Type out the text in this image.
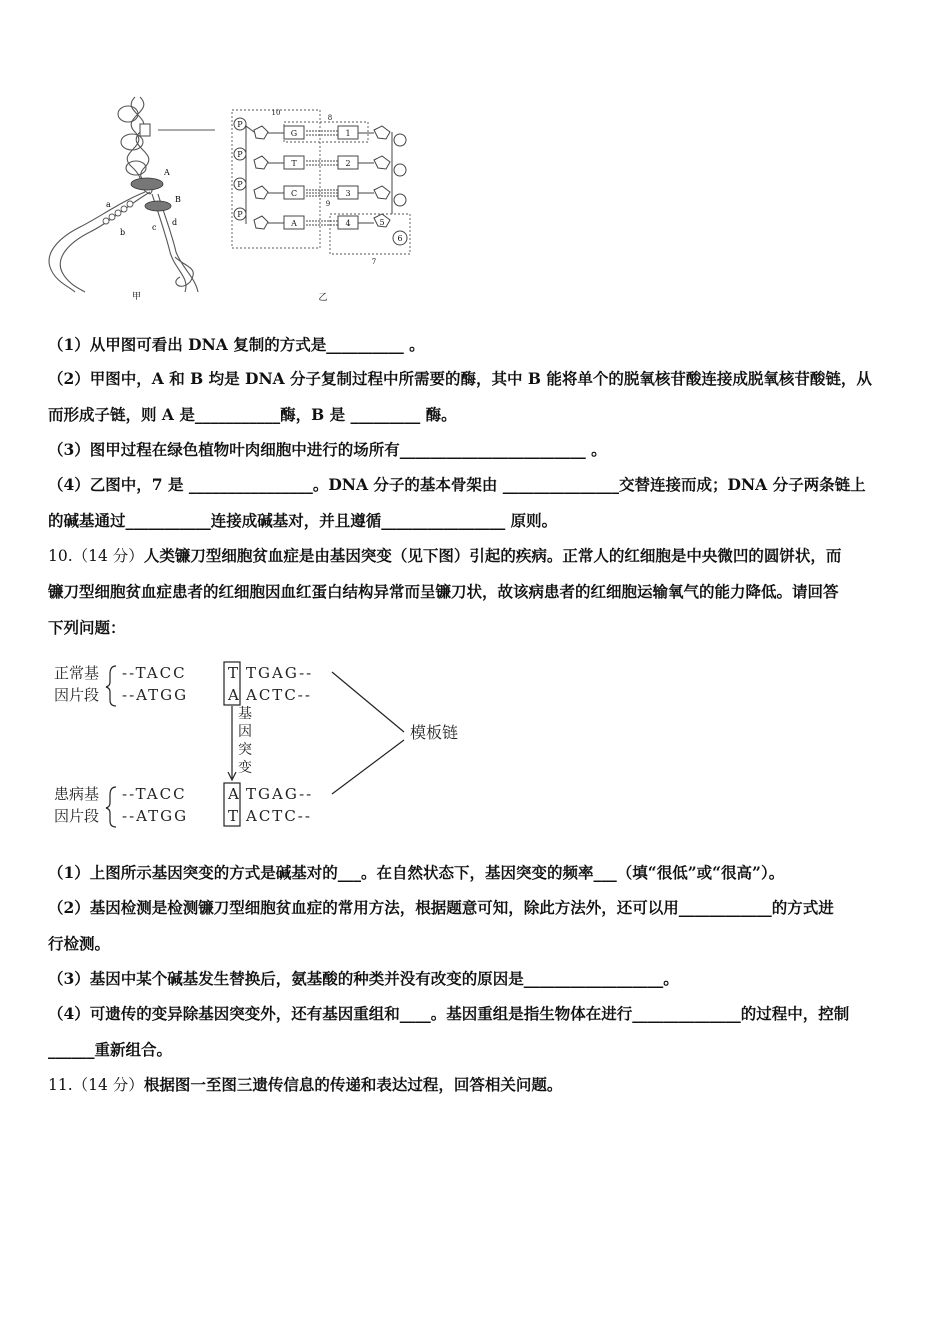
A
B
a
b
c
d
甲
P
G	1
P
T	2
P
C	3
P
A	4	5
6
10
8
9
7
乙
（1）从甲图可看出 DNA 复制的方式是__________ 。
（2）甲图中，A 和 B 均是 DNA 分子复制过程中所需要的酶，其中 B 能将单个的脱氧核苷酸连接成脱氧核苷酸链，从
而形成子链，则 A 是___________酶，B 是 _________ 酶。
（3）图甲过程在绿色植物叶肉细胞中进行的场所有________________________ 。
（4）乙图中，7 是 ________________。DNA 分子的基本骨架由 _______________交替连接而成；DNA 分子两条链上
的碱基通过___________连接成碱基对，并且遵循________________ 原则。
10.（14 分）人类镰刀型细胞贫血症是由基因突变（见下图）引起的疾病。正常人的红细胞是中央微凹的圆饼状，而
镰刀型细胞贫血症患者的红细胞因血红蛋白结构异常而呈镰刀状，故该病患者的红细胞运输氧气的能力降低。请回答
下列问题：
正常基
因片段
--TACC	T TGAG--
--ATGG	A ACTC--
基
因
突
变
模板链
患病基
因片段
--TACC	A TGAG--
--ATGG	T ACTC--
（1）上图所示基因突变的方式是碱基对的___。在自然状态下，基因突变的频率___（填“很低”或“很高”）。
（2）基因检测是检测镰刀型细胞贫血症的常用方法，根据题意可知，除此方法外，还可以用____________的方式进
行检测。
（3）基因中某个碱基发生替换后，氨基酸的种类并没有改变的原因是__________________。
（4）可遗传的变异除基因突变外，还有基因重组和____。基因重组是指生物体在进行______________的过程中，控制
______重新组合。
11.（14 分）根据图一至图三遗传信息的传递和表达过程，回答相关问题。
